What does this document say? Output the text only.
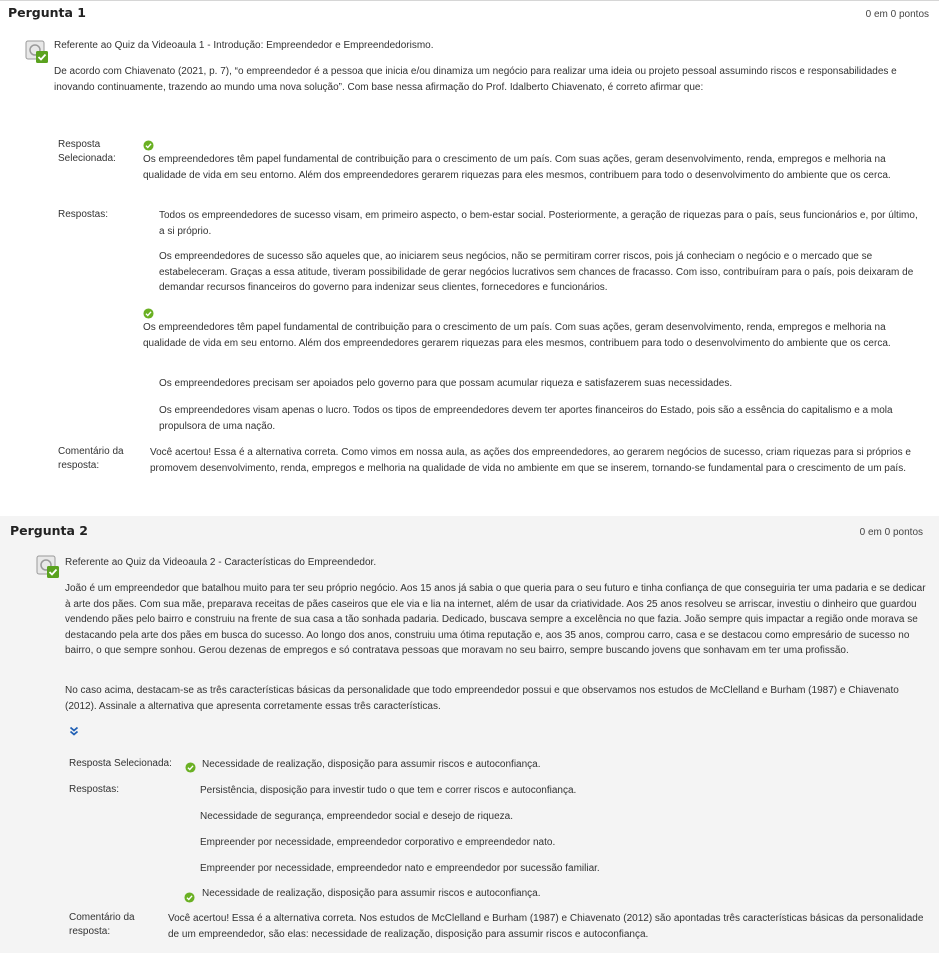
Pergunta 1	0 em 0 pontos
Referente ao Quiz da Videoaula 1 - Introdução: Empreendedor e Empreendedorismo.
De acordo com Chiavenato (2021, p. 7), “o empreendedor é a pessoa que inicia e/ou dinamiza um negócio para realizar uma ideia ou projeto pessoal assumindo riscos e responsabilidades e inovando continuamente, trazendo ao mundo uma nova solução”. Com base nessa afirmação do Prof. Idalberto Chiavenato, é correto afirmar que:
Resposta
Selecionada:	Os empreendedores têm papel fundamental de contribuição para o crescimento de um país. Com suas ações, geram desenvolvimento, renda, empregos e melhoria na qualidade de vida em seu entorno. Além dos empreendedores gerarem riquezas para eles mesmos, contribuem para todo o desenvolvimento do ambiente que os cerca.
Respostas:	Todos os empreendedores de sucesso visam, em primeiro aspecto, o bem-estar social. Posteriormente, a geração de riquezas para o país, seus funcionários e, por último, a si próprio.
Os empreendedores de sucesso são aqueles que, ao iniciarem seus negócios, não se permitiram correr riscos, pois já conheciam o negócio e o mercado que se estabeleceram. Graças a essa atitude, tiveram possibilidade de gerar negócios lucrativos sem chances de fracasso. Com isso, contribuíram para o país, pois deixaram de demandar recursos financeiros do governo para indenizar seus clientes, fornecedores e funcionários.
Os empreendedores têm papel fundamental de contribuição para o crescimento de um país. Com suas ações, geram desenvolvimento, renda, empregos e melhoria na qualidade de vida em seu entorno. Além dos empreendedores gerarem riquezas para eles mesmos, contribuem para todo o desenvolvimento do ambiente que os cerca.
Os empreendedores precisam ser apoiados pelo governo para que possam acumular riqueza e satisfazerem suas necessidades.
Os empreendedores visam apenas o lucro. Todos os tipos de empreendedores devem ter aportes financeiros do Estado, pois são a essência do capitalismo e a mola propulsora de uma nação.
Comentário da
resposta:
Você acertou! Essa é a alternativa correta. Como vimos em nossa aula, as ações dos empreendedores, ao gerarem negócios de sucesso, criam riquezas para si próprios e promovem desenvolvimento, renda, empregos e melhoria na qualidade de vida no ambiente em que se inserem, tornando-se fundamental para o crescimento de um país.
Pergunta 2	0 em 0 pontos
Referente ao Quiz da Videoaula 2 - Características do Empreendedor.
João é um empreendedor que batalhou muito para ter seu próprio negócio. Aos 15 anos já sabia o que queria para o seu futuro e tinha confiança de que conseguiria ter uma padaria e se dedicar à arte dos pães. Com sua mãe, preparava receitas de pães caseiros que ele via e lia na internet, além de usar da criatividade. Aos 25 anos resolveu se arriscar, investiu o dinheiro que guardou vendendo pães pelo bairro e construiu na frente de sua casa a tão sonhada padaria. Dedicado, buscava sempre a excelência no que fazia. João sempre quis impactar a região onde morava se destacando pela arte dos pães em busca do sucesso. Ao longo dos anos, construiu uma ótima reputação e, aos 35 anos, comprou carro, casa e se destacou como empresário de sucesso no bairro, o que sempre sonhou. Gerou dezenas de empregos e só contratava pessoas que moravam no seu bairro, sempre buscando jovens que sonhavam em ter uma profissão.
No caso acima, destacam-se as três características básicas da personalidade que todo empreendedor possui e que observamos nos estudos de McClelland e Burham (1987) e Chiavenato (2012). Assinale a alternativa que apresenta corretamente essas três características.
Resposta Selecionada:	Necessidade de realização, disposição para assumir riscos e autoconfiança.
Respostas:	Persistência, disposição para investir tudo o que tem e correr riscos e autoconfiança.
Necessidade de segurança, empreendedor social e desejo de riqueza.
Empreender por necessidade, empreendedor corporativo e empreendedor nato.
Empreender por necessidade, empreendedor nato e empreendedor por sucessão familiar.
Necessidade de realização, disposição para assumir riscos e autoconfiança.
Comentário da
resposta:
Você acertou! Essa é a alternativa correta. Nos estudos de McClelland e Burham (1987) e Chiavenato (2012) são apontadas três características básicas da personalidade de um empreendedor, são elas: necessidade de realização, disposição para assumir riscos e autoconfiança.
